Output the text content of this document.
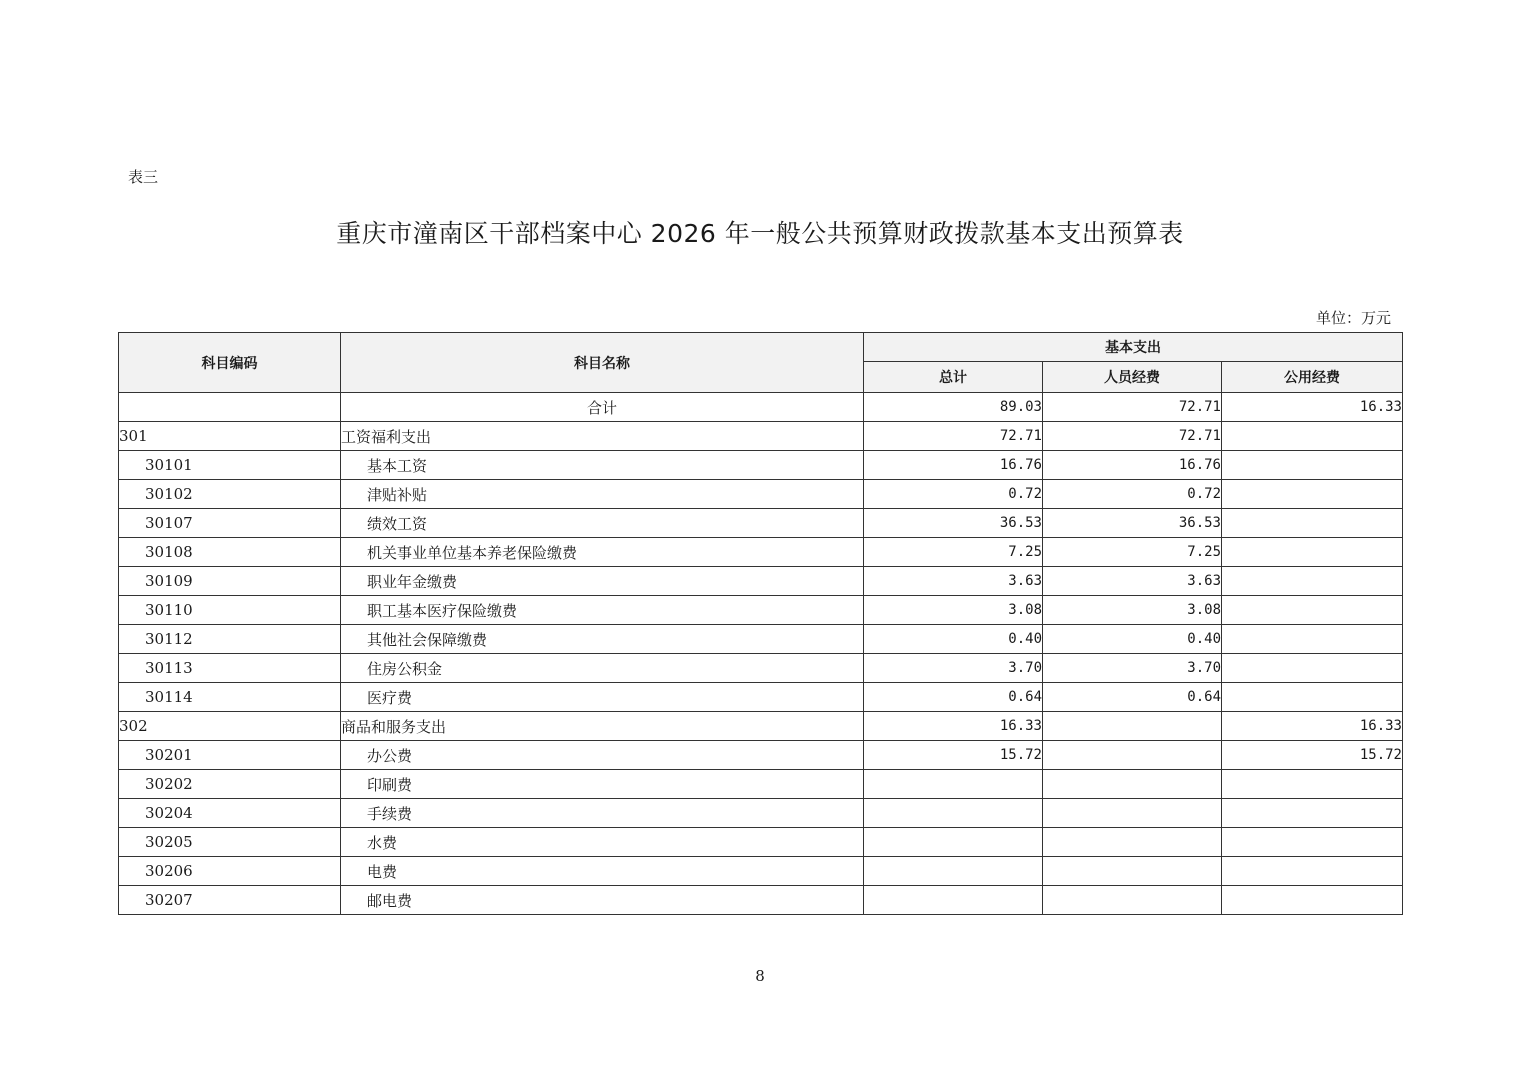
表三
重庆市潼南区干部档案中心 2026 年一般公共预算财政拨款基本支出预算表
单位：万元
科目编码	科目名称	基本支出		
		总计	人员经费	公用经费
	合计	89.03	72.71	16.33
301	工资福利支出	72.71	72.71	
30101	基本工资	16.76	16.76	
30102	津贴补贴	0.72	0.72	
30107	绩效工资	36.53	36.53	
30108	机关事业单位基本养老保险缴费	7.25	7.25	
30109	职业年金缴费	3.63	3.63	
30110	职工基本医疗保险缴费	3.08	3.08	
30112	其他社会保障缴费	0.40	0.40	
30113	住房公积金	3.70	3.70	
30114	医疗费	0.64	0.64	
302	商品和服务支出	16.33		16.33
30201	办公费	15.72		15.72
30202	印刷费			
30204	手续费			
30205	水费			
30206	电费			
30207	邮电费			
8
